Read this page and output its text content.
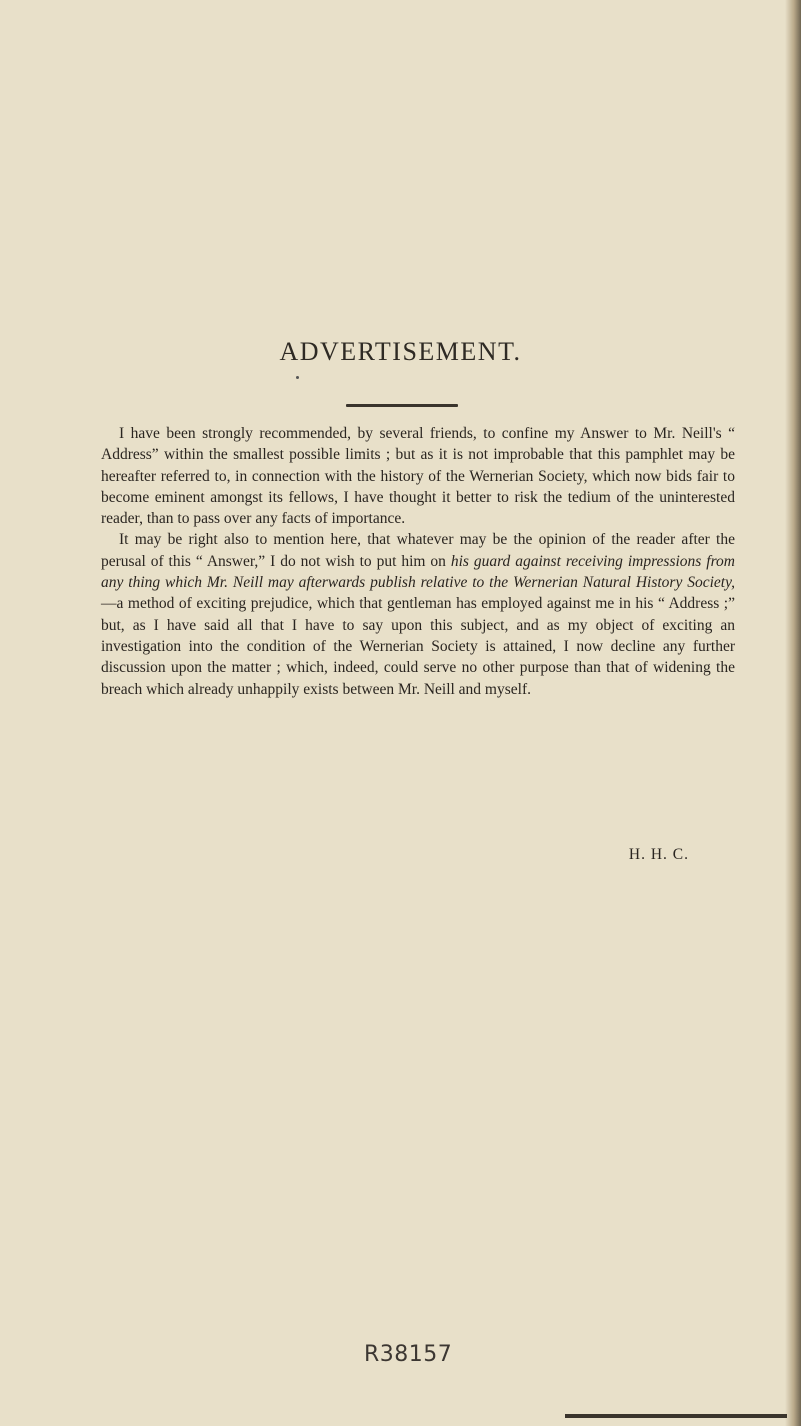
ADVERTISEMENT.

I have been strongly recommended, by several friends, to confine my Answer to Mr. Neill's “ Address” within the smallest possible limits ; but as it is not improbable that this pamphlet may be hereafter referred to, in connection with the history of the Wernerian Society, which now bids fair to become eminent amongst its fellows, I have thought it better to risk the tedium of the uninterested reader, than to pass over any facts of importance.

It may be right also to mention here, that whatever may be the opinion of the reader after the perusal of this “ Answer,” I do not wish to put him on his guard against receiving impressions from any thing which Mr. Neill may afterwards publish relative to the Wernerian Natural History Society, —a method of exciting prejudice, which that gentleman has employed against me in his “ Address ;” but, as I have said all that I have to say upon this subject, and as my object of exciting an investigation into the condition of the Wernerian Society is attained, I now decline any further discussion upon the matter ; which, indeed, could serve no other purpose than that of widening the breach which already unhappily exists between Mr. Neill and myself.

H. H. C.
R38157
